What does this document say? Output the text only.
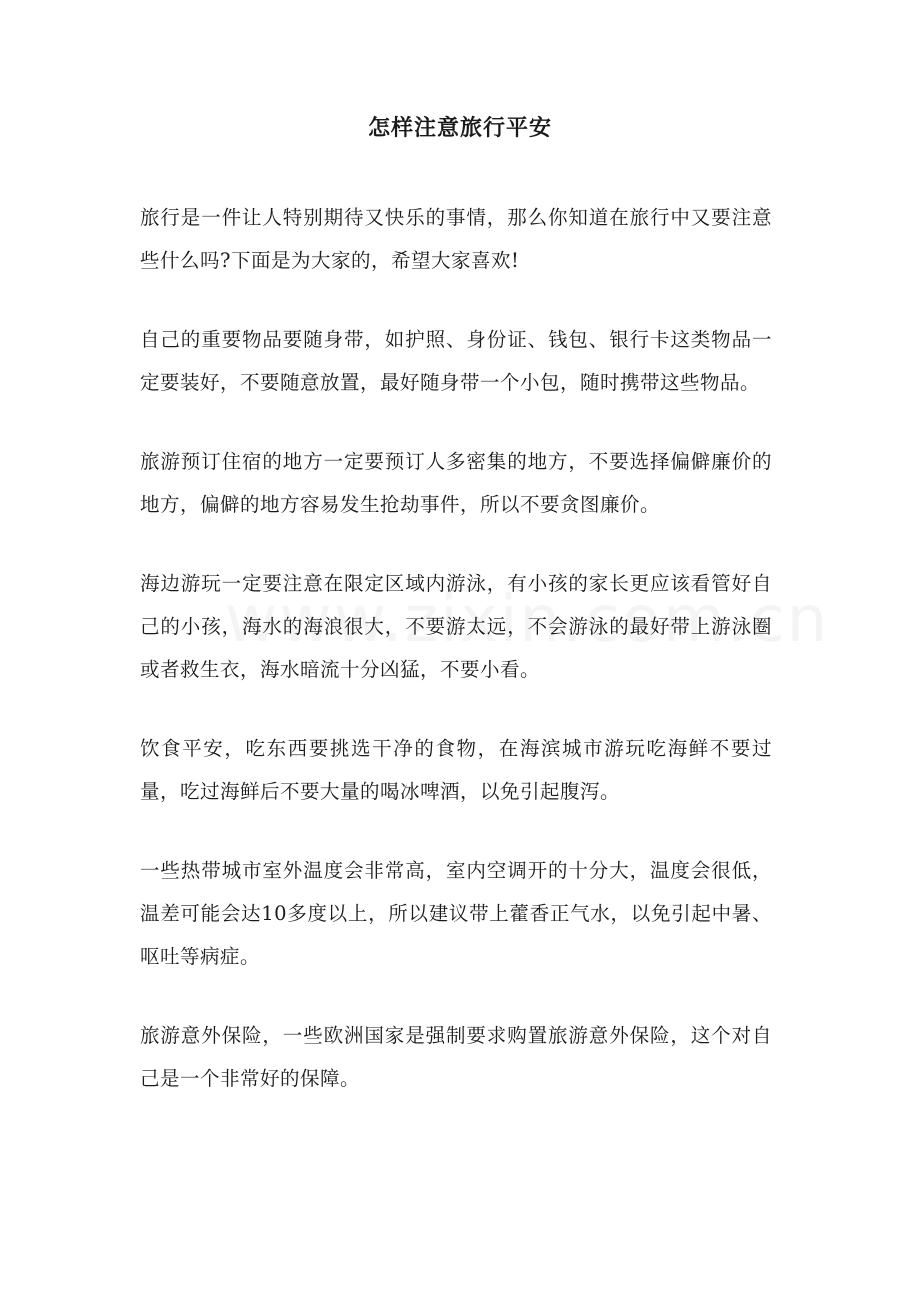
怎样注意旅行平安

旅行是一件让人特别期待又快乐的事情，那么你知道在旅行中又要注意些什么吗?下面是为大家的，希望大家喜欢!

自己的重要物品要随身带，如护照、身份证、钱包、银行卡这类物品一定要装好，不要随意放置，最好随身带一个小包，随时携带这些物品。

旅游预订住宿的地方一定要预订人多密集的地方，不要选择偏僻廉价的地方，偏僻的地方容易发生抢劫事件，所以不要贪图廉价。

海边游玩一定要注意在限定区域内游泳，有小孩的家长更应该看管好自己的小孩，海水的海浪很大，不要游太远，不会游泳的最好带上游泳圈或者救生衣，海水暗流十分凶猛，不要小看。

饮食平安，吃东西要挑选干净的食物，在海滨城市游玩吃海鲜不要过量，吃过海鲜后不要大量的喝冰啤酒，以免引起腹泻。

一些热带城市室外温度会非常高，室内空调开的十分大，温度会很低，温差可能会达10多度以上，所以建议带上藿香正气水，以免引起中暑、呕吐等病症。

旅游意外保险，一些欧洲国家是强制要求购置旅游意外保险，这个对自己是一个非常好的保障。
